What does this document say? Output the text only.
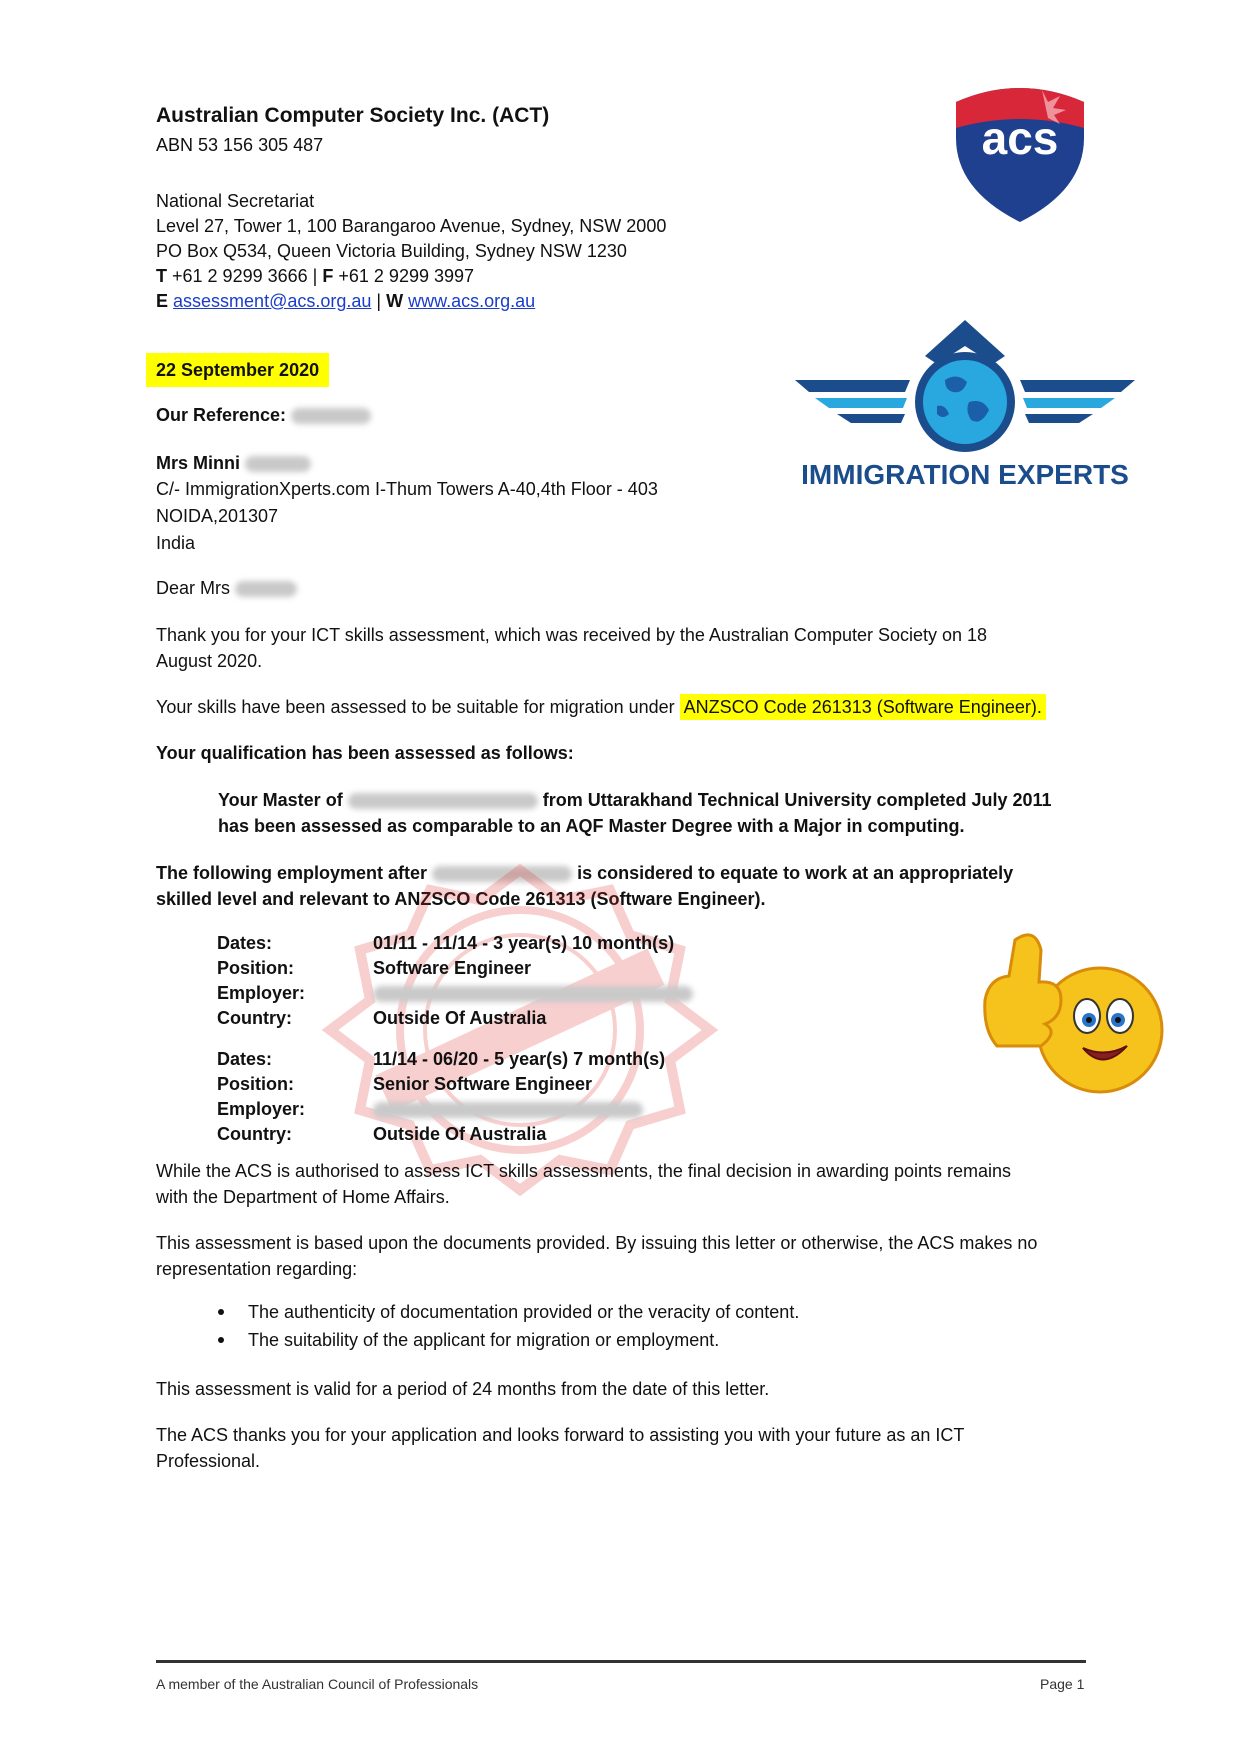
Australian Computer Society Inc. (ACT)
ABN 53 156 305 487
National Secretariat
Level 27, Tower 1, 100 Barangaroo Avenue, Sydney, NSW 2000
PO Box Q534, Queen Victoria Building, Sydney NSW 1230
T +61 2 9299 3666 | F +61 2 9299 3997
E assessment@acs.org.au | W www.acs.org.au
acs
IMMIGRATION EXPERTS
22 September 2020
Our Reference:
Mrs Minni
C/- ImmigrationXperts.com I-Thum Towers A-40,4th Floor - 403
NOIDA,201307
India
Dear Mrs
Thank you for your ICT skills assessment, which was received by the Australian Computer Society on 18
August 2020.
Your skills have been assessed to be suitable for migration under ANZSCO Code 261313 (Software Engineer).
Your qualification has been assessed as follows:
Your Master of	from Uttarakhand Technical University completed July 2011
has been assessed as comparable to an AQF Master Degree with a Major in computing.
The following employment after	is considered to equate to work at an appropriately
skilled level and relevant to ANZSCO Code 261313 (Software Engineer).
Dates:	01/11 - 11/14 - 3 year(s) 10 month(s)
Position:	Software Engineer
Employer:
Country:	Outside Of Australia
Dates:	11/14 - 06/20 - 5 year(s) 7 month(s)
Position:	Senior Software Engineer
Employer:
Country:	Outside Of Australia
While the ACS is authorised to assess ICT skills assessments, the final decision in awarding points remains
with the Department of Home Affairs.
This assessment is based upon the documents provided. By issuing this letter or otherwise, the ACS makes no
representation regarding:
The authenticity of documentation provided or the veracity of content.
The suitability of the applicant for migration or employment.
This assessment is valid for a period of 24 months from the date of this letter.
The ACS thanks you for your application and looks forward to assisting you with your future as an ICT
Professional.
A member of the Australian Council of Professionals	Page 1
